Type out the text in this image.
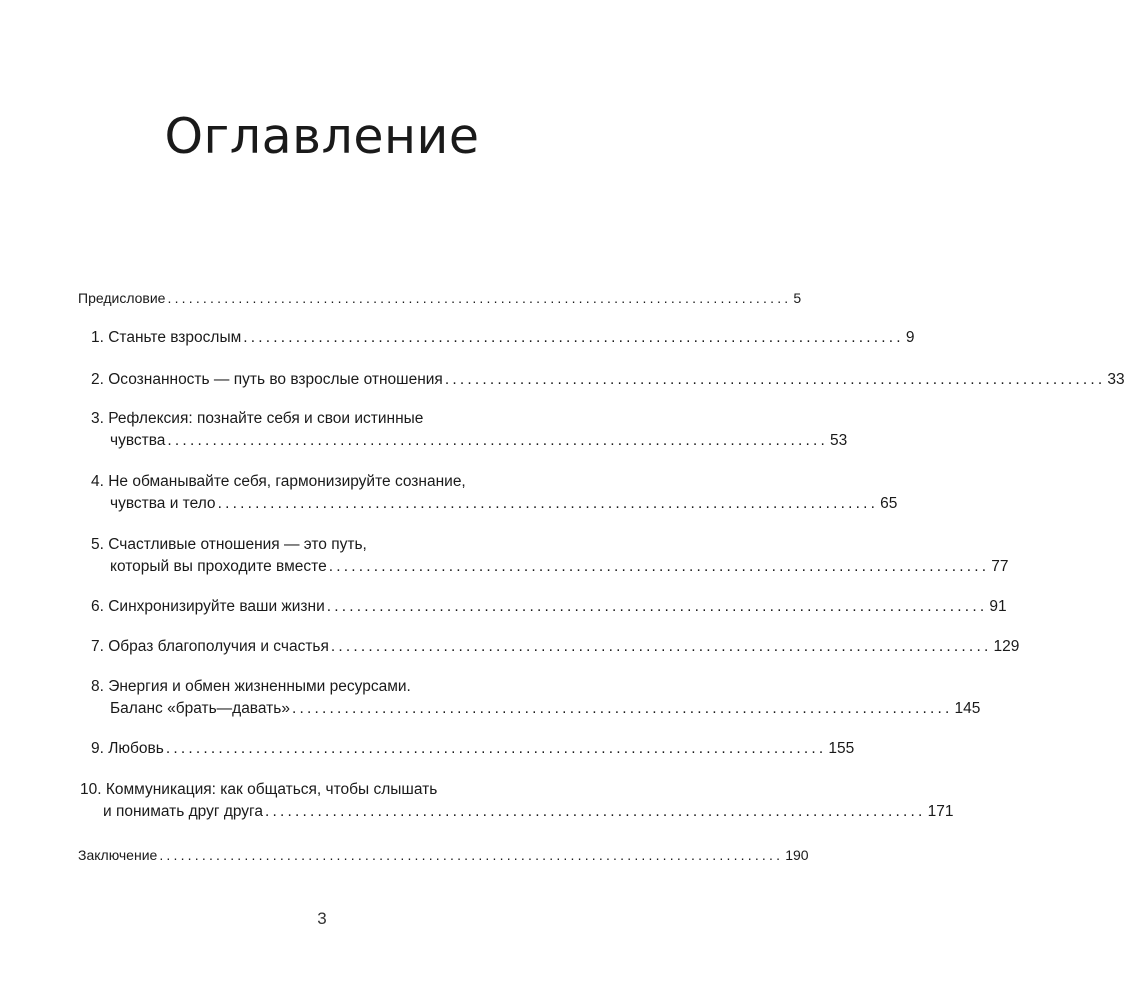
Оглавление
Предисловие ........................................................................................ 5
1. Станьте взрослым ........................................................................................ 9
2. Осознанность — путь во взрослые отношения ........................................................................................ 33
3. Рефлексия: познайте себя и свои истинные
чувства ........................................................................................ 53
4. Не обманывайте себя, гармонизируйте сознание,
чувства и тело ........................................................................................ 65
5. Счастливые отношения — это путь,
который вы проходите вместе ........................................................................................ 77
6. Синхронизируйте ваши жизни ........................................................................................ 91
7. Образ благополучия и счастья ........................................................................................ 129
8. Энергия и обмен жизненными ресурсами.
Баланс «брать—давать» ........................................................................................ 145
9. Любовь ........................................................................................ 155
10. Коммуникация: как общаться, чтобы слышать
и понимать друг друга ........................................................................................ 171
Заключение ........................................................................................ 190
3
